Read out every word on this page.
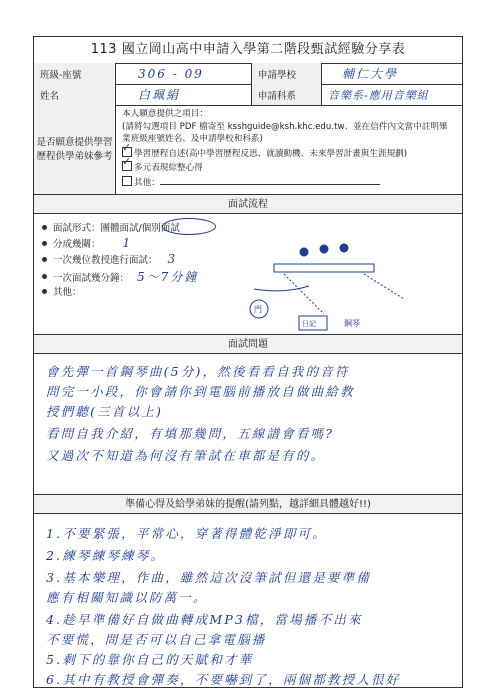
113 國立岡山高中申請入學第二階段甄試經驗分享表
班級-座號	306 - 09	申請學校	輔仁大學
姓名	白珮絹	申請科系	音樂系-應用音樂組
是否願意提供學習歷程供學弟妹參考
本人願意提供之項目：
(請將勾選項目 PDF 檔寄至 ksshguide@ksh.khc.edu.tw、並在信件內文當中註明畢業班級座號姓名、及申請學校和科系)
✓學習歷程自述(高中學習歷程反思、就讀動機、未來學習計畫與生涯規劃)
✓多元表現綜整心得
其他：
面試流程
面試形式： 團體面試/個別面試
分成幾關： 1
一次幾位教授進行面試： 3
一次面試幾分鐘： 5～7分鐘
其他：
門
日記	鋼琴
面試問題
會先彈一首鋼琴曲(5分)，然後看看自我的音符
問完一小段，你會請你到電腦前播放自做曲給教
授們聽(三首以上)
看問自我介紹，有填那幾問，五線譜會看嗎?
又過次不知道為何沒有筆試在車都是有的。
準備心得及給學弟妹的提醒(請列點，越詳細具體越好!!)
1.不要緊張，平常心，穿著得體乾淨即可。
2.練琴練琴練琴。
3.基本樂理，作曲，雖然這次沒筆試但還是要準備
應有相關知識以防萬一。
4.趁早準備好自做曲轉成MP3檔，當場播不出來
不要慌，問是否可以自己拿電腦播
5.剩下的靠你自己的天賦和才華
6.其中有教授會彈奏，不要嚇到了，兩個都教授人很好
